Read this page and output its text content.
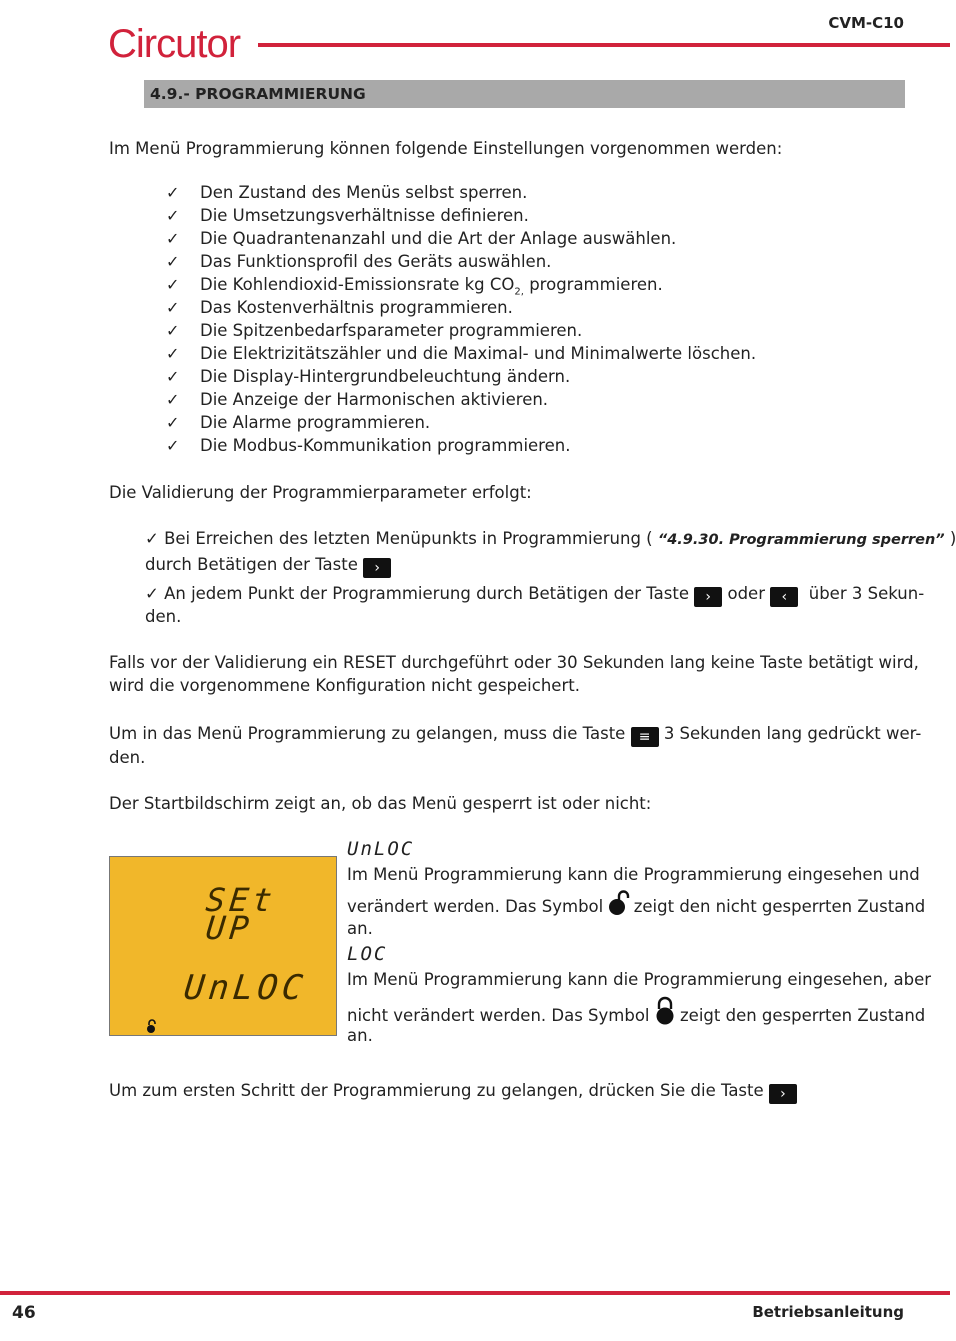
Circutor	CVM-C10
4.9.- PROGRAMMIERUNG
Im Menü Programmierung können folgende Einstellungen vorgenommen werden:
✓ Den Zustand des Menüs selbst sperren.
✓ Die Umsetzungsverhältnisse definieren.
✓ Die Quadrantenanzahl und die Art der Anlage auswählen.
✓ Das Funktionsprofil des Geräts auswählen.
✓ Die Kohlendioxid-Emissionsrate kg $CO_{2,}$ programmieren.
✓ Das Kostenverhältnis programmieren.
✓ Die Spitzenbedarfsparameter programmieren.
✓ Die Elektrizitätszähler und die Maximal- und Minimalwerte löschen.
✓ Die Display-Hintergrundbeleuchtung ändern.
✓ Die Anzeige der Harmonischen aktivieren.
✓ Die Alarme programmieren.
✓ Die Modbus-Kommunikation programmieren.
Die Validierung der Programmierparameter erfolgt:
✓ Bei Erreichen des letzten Menüpunkts in Programmierung ( “4.9.30. Programmierung sperren” )
durch Betätigen der Taste ›
✓ An jedem Punkt der Programmierung durch Betätigen der Taste › oder ‹ über 3 Sekun-
den.
Falls vor der Validierung ein RESET durchgeführt oder 30 Sekunden lang keine Taste betätigt wird,
wird die vorgenommene Konfiguration nicht gespeichert.
Um in das Menü Programmierung zu gelangen, muss die Taste ≡ 3 Sekunden lang gedrückt wer-
den.
Der Startbildschirm zeigt an, ob das Menü gesperrt ist oder nicht:
SEt
UP
UnLOC
UnLOC
Im Menü Programmierung kann die Programmierung eingesehen und
verändert werden. Das Symbol zeigt den nicht gesperrten Zustand
an.
LOC
Im Menü Programmierung kann die Programmierung eingesehen, aber
nicht verändert werden. Das Symbol zeigt den gesperrten Zustand
an.
Um zum ersten Schritt der Programmierung zu gelangen, drücken Sie die Taste ›
46	Betriebsanleitung
